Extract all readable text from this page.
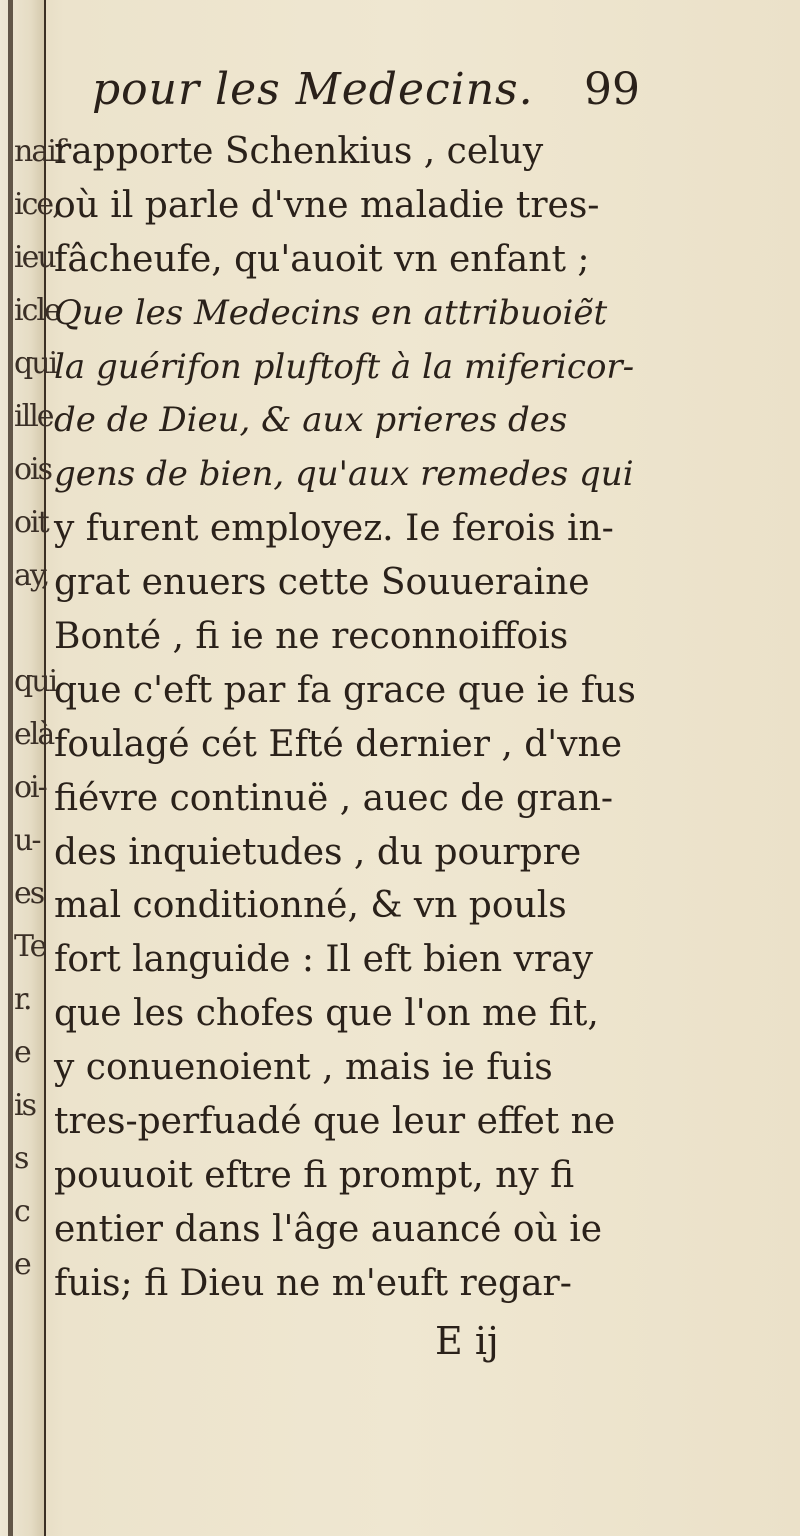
naif
ice,
ieu
icle
qui
ille
ois
oit
ay,
qui
elà
oi-
u-
es
Te
r.
e
is
s
c
e
pour les Medecins. 99
rapporte Schenkius , celuy
où il parle d'vne maladie tres-
fâcheufe, qu'auoit vn enfant ;
Que les Medecins en attribuoiẽt
la guérifon pluftoft à la mifericor-
de de Dieu, & aux prieres des
gens de bien, qu'aux remedes qui
y furent employez. Ie ferois in-
grat enuers cette Souueraine
Bonté , fi ie ne reconnoiffois
que c'eft par fa grace que ie fus
foulagé cét Efté dernier , d'vne
fiévre continuë , auec de gran-
des inquietudes , du pourpre
mal conditionné, & vn pouls
fort languide : Il eft bien vray
que les chofes que l'on me fit,
y conuenoient , mais ie fuis
tres-perfuadé que leur effet ne
pouuoit eftre fi prompt, ny fi
entier dans l'âge auancé où ie
fuis; fi Dieu ne m'euft regar-
E ij
